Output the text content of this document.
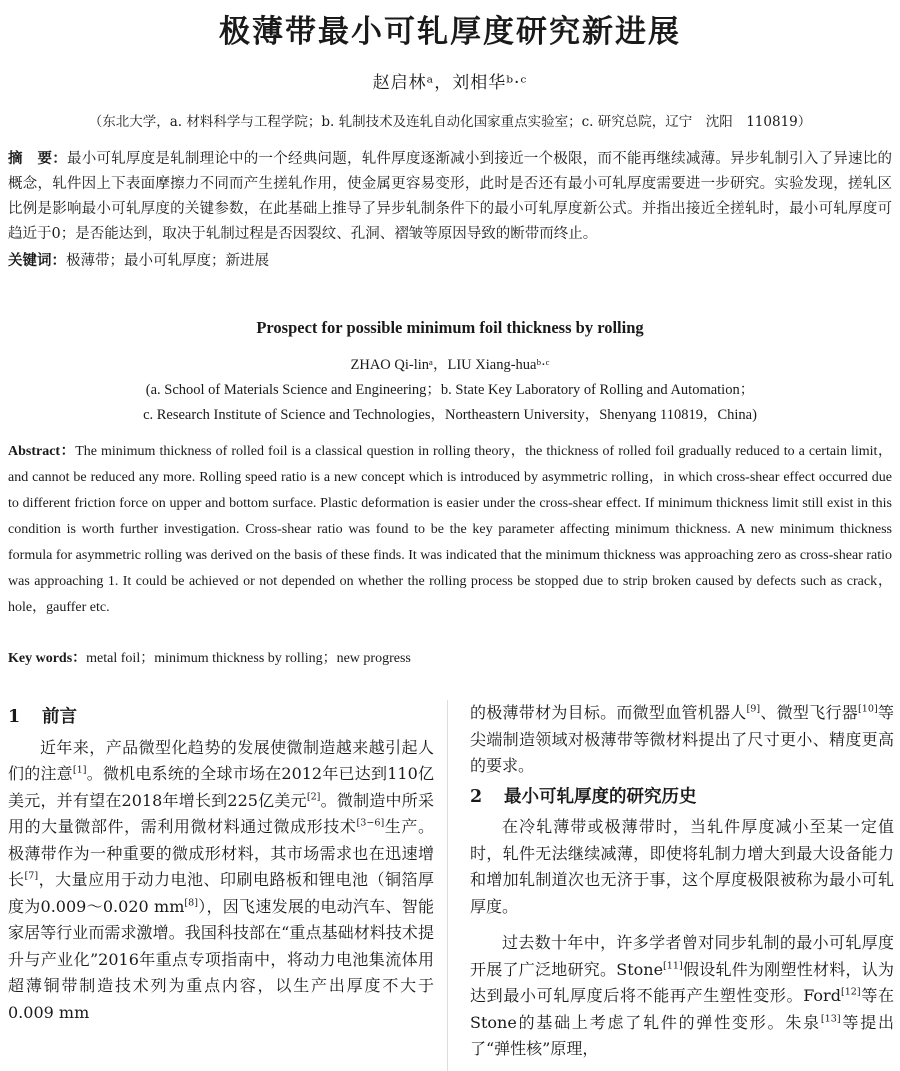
极薄带最小可轧厚度研究新进展
赵启林ᵃ，刘相华ᵇ·ᶜ
（东北大学，a. 材料科学与工程学院；b. 轧制技术及连轧自动化国家重点实验室；c. 研究总院，辽宁　沈阳　110819）
摘　要：最小可轧厚度是轧制理论中的一个经典问题，轧件厚度逐渐减小到接近一个极限，而不能再继续减薄。异步轧制引入了异速比的概念，轧件因上下表面摩擦力不同而产生搓轧作用，使金属更容易变形，此时是否还有最小可轧厚度需要进一步研究。实验发现，搓轧区比例是影响最小可轧厚度的关键参数，在此基础上推导了异步轧制条件下的最小可轧厚度新公式。并指出接近全搓轧时，最小可轧厚度可趋近于0；是否能达到，取决于轧制过程是否因裂纹、孔洞、褶皱等原因导致的断带而终止。
关键词：极薄带；最小可轧厚度；新进展
Prospect for possible minimum foil thickness by rolling
ZHAO Qi-linᵃ，LIU Xiang-huaᵇ·ᶜ
(a. School of Materials Science and Engineering；b. State Key Laboratory of Rolling and Automation；
c. Research Institute of Science and Technologies，Northeastern University，Shenyang 110819，China)
Abstract：The minimum thickness of rolled foil is a classical question in rolling theory，the thickness of rolled foil gradually reduced to a certain limit，and cannot be reduced any more. Rolling speed ratio is a new concept which is introduced by asymmetric rolling，in which cross-shear effect occurred due to different friction force on upper and bottom surface. Plastic deformation is easier under the cross-shear effect. If minimum thickness limit still exist in this condition is worth further investigation. Cross-shear ratio was found to be the key parameter affecting minimum thickness. A new minimum thickness formula for asymmetric rolling was derived on the basis of these finds. It was indicated that the minimum thickness was approaching zero as cross-shear ratio was approaching 1. It could be achieved or not depended on whether the rolling process be stopped due to strip broken caused by defects such as crack，hole，gauffer etc.
Key words：metal foil；minimum thickness by rolling；new progress
1 前言

近年来，产品微型化趋势的发展使微制造越来越引起人们的注意[1]。微机电系统的全球市场在2012年已达到110亿美元，并有望在2018年增长到225亿美元[2]。微制造中所采用的大量微部件，需利用微材料通过微成形技术[3−6]生产。极薄带作为一种重要的微成形材料，其市场需求也在迅速增长[7]，大量应用于动力电池、印刷电路板和锂电池（铜箔厚度为0.009～0.020 mm[8]），因飞速发展的电动汽车、智能家居等行业而需求激增。我国科技部在“重点基础材料技术提升与产业化”2016年重点专项指南中，将动力电池集流体用超薄铜带制造技术列为重点内容，以生产出厚度不大于0.009 mm

的极薄带材为目标。而微型血管机器人[9]、微型飞行器[10]等尖端制造领域对极薄带等微材料提出了尺寸更小、精度更高的要求。

2 最小可轧厚度的研究历史

在冷轧薄带或极薄带时，当轧件厚度减小至某一定值时，轧件无法继续减薄，即使将轧制力增大到最大设备能力和增加轧制道次也无济于事，这个厚度极限被称为最小可轧厚度。

过去数十年中，许多学者曾对同步轧制的最小可轧厚度开展了广泛地研究。Stone[11]假设轧件为刚塑性材料，认为达到最小可轧厚度后将不能再产生塑性变形。Ford[12]等在Stone的基础上考虑了轧件的弹性变形。朱泉[13]等提出了“弹性核”原理，
